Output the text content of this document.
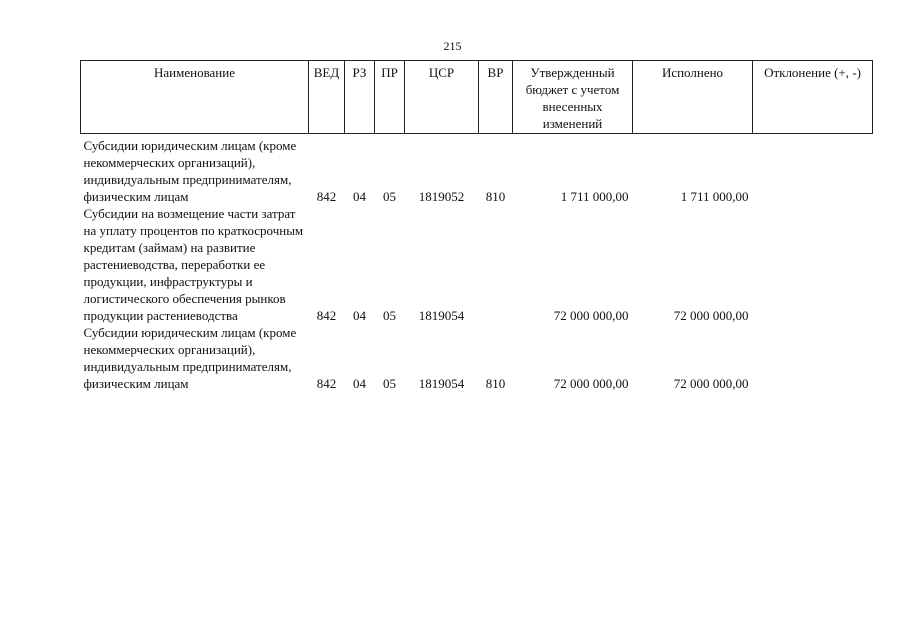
215
Наименование	ВЕД	РЗ	ПР	ЦСР	ВР	Утвержденный бюджет с учетом внесенных изменений	Исполнено	Отклонение (+, -)
Субсидии юридическим лицам (кроме некоммерческих организаций), индивидуальным предпринимателям, физическим лицам	842	04	05	1819052	810	1 711 000,00	1 711 000,00	
Субсидии на возмещение части затрат на уплату процентов по краткосрочным кредитам (займам) на развитие растениеводства, переработки ее продукции, инфраструктуры и логистического обеспечения рынков продукции растениеводства	842	04	05	1819054		72 000 000,00	72 000 000,00	
Субсидии юридическим лицам (кроме некоммерческих организаций), индивидуальным предпринимателям, физическим лицам	842	04	05	1819054	810	72 000 000,00	72 000 000,00	
